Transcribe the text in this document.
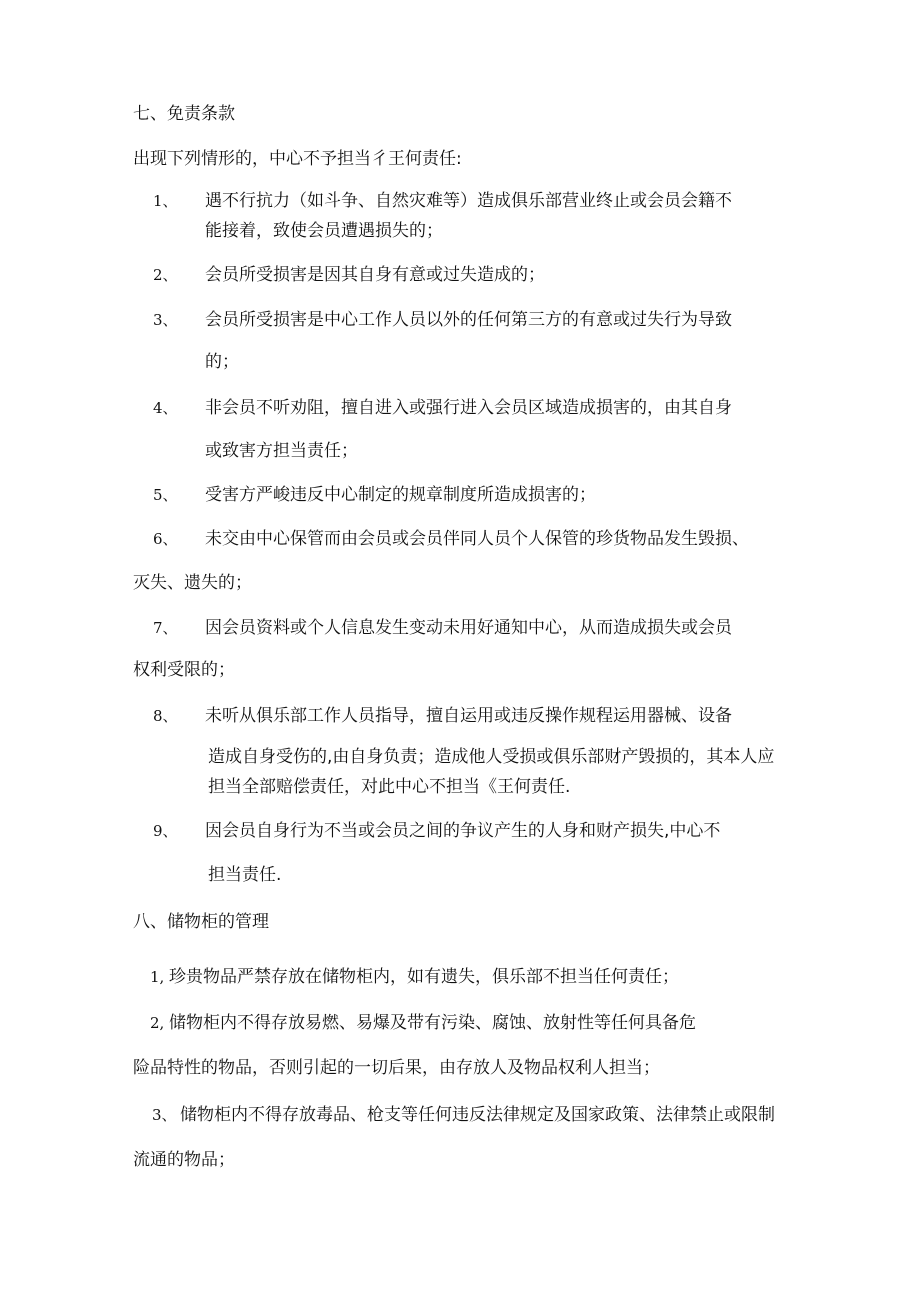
七、免责条款
出现下列情形的，中心不予担当彳王何责任:
1、 遇不行抗力（如斗争、自然灾难等）造成俱乐部营业终止或会员会籍不
能接着，致使会员遭遇损失的；
2、 会员所受损害是因其自身有意或过失造成的；
3、 会员所受损害是中心工作人员以外的任何第三方的有意或过失行为导致
的；
4、 非会员不听劝阻，擅自进入或强行进入会员区域造成损害的，由其自身
或致害方担当责任；
5、 受害方严峻违反中心制定的规章制度所造成损害的；
6、 未交由中心保管而由会员或会员伴同人员个人保管的珍货物品发生毁损、
灭失、遗失的；
7、 因会员资料或个人信息发生变动未用好通知中心，从而造成损失或会员
权利受限的；
8、 未听从俱乐部工作人员指导，擅自运用或违反操作规程运用器械、设备
造成自身受伤的,由自身负责；造成他人受损或俱乐部财产毁损的，其本人应
担当全部赔偿责任，对此中心不担当《王何责任.
9、 因会员自身行为不当或会员之间的争议产生的人身和财产损失,中心不
担当责任.
八、储物柜的管理
1, 珍贵物品严禁存放在储物柜内，如有遗失，俱乐部不担当任何责任；
2, 储物柜内不得存放易燃、易爆及带有污染、腐蚀、放射性等任何具备危
险品特性的物品，否则引起的一切后果，由存放人及物品权利人担当；
3、 储物柜内不得存放毒品、枪支等任何违反法律规定及国家政策、法律禁止或限制
流通的物品；
